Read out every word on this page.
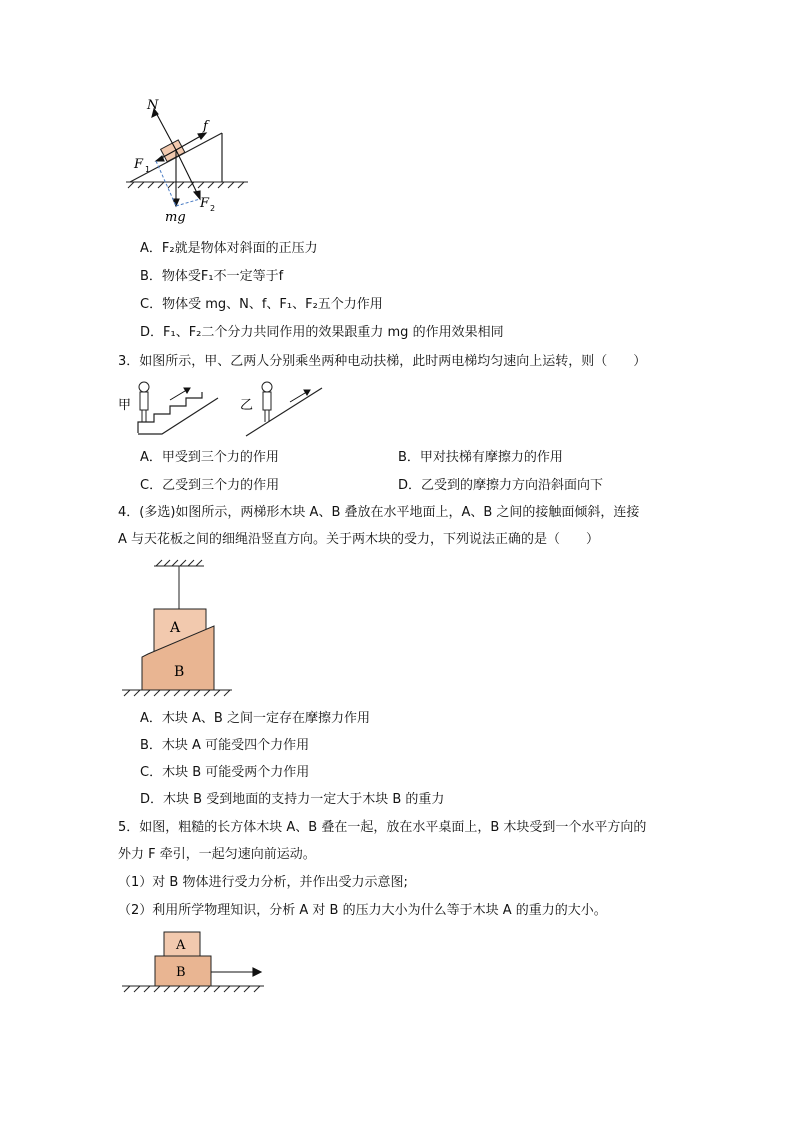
N
f
F 1
mg
F 2
A．F₂就是物体对斜面的正压力
B．物体受F₁不一定等于f
C．物体受 mg、N、f、F₁、F₂五个力作用
D．F₁、F₂二个分力共同作用的效果跟重力 mg 的作用效果相同
3．如图所示，甲、乙两人分别乘坐两种电动扶梯，此时两电梯均匀速向上运转，则（　　）
甲	乙
A．甲受到三个力的作用	B．甲对扶梯有摩擦力的作用
C．乙受到三个力的作用	D．乙受到的摩擦力方向沿斜面向下
4．(多选)如图所示，两梯形木块 A、B 叠放在水平地面上，A、B 之间的接触面倾斜，连接
A 与天花板之间的细绳沿竖直方向。关于两木块的受力，下列说法正确的是（　　）
A
B
A．木块 A、B 之间一定存在摩擦力作用
B．木块 A 可能受四个力作用
C．木块 B 可能受两个力作用
D．木块 B 受到地面的支持力一定大于木块 B 的重力
5．如图，粗糙的长方体木块 A、B 叠在一起，放在水平桌面上，B 木块受到一个水平方向的
外力 F 牵引，一起匀速向前运动。
（1）对 B 物体进行受力分析，并作出受力示意图;
（2）利用所学物理知识，分析 A 对 B 的压力大小为什么等于木块 A 的重力的大小。
A
B
